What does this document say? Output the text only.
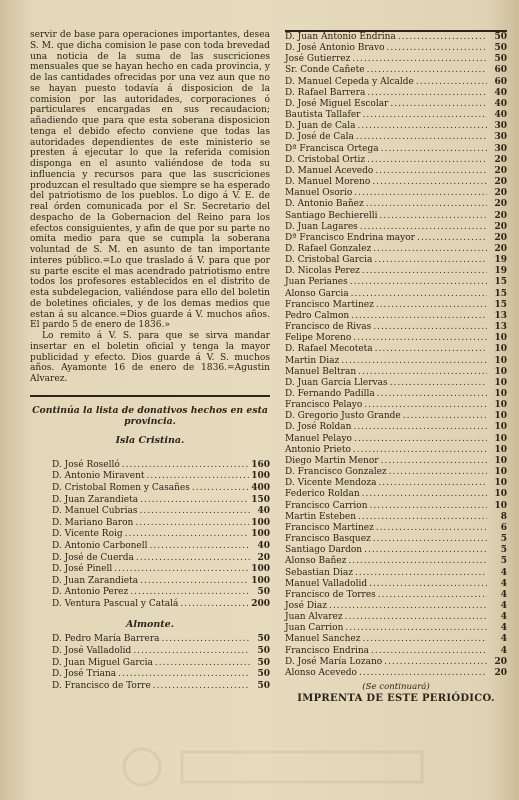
servir de base para operaciones importantes, desea S. M. que dicha comision le pase con toda brevedad una noticia de la suma de las suscriciones mensuales que se hayan hecho en cada provincia, y de las cantidades ofrecidas por una vez aun que no se hayan puesto todavía á disposicion de la comision por las autoridades, corporaciones ó particulares encargadas en sus recaudacion; añadiendo que para que esta soberana disposicion tenga el debido efecto conviene que todas las autoridades dependientes de este ministerio se presten á ejecutar lo que la referida comision disponga en el asunto valiéndose de toda su influencia y recursos para que las suscriciones produzcan el resultado que siempre se ha esperado del patriotismo de los pueblos. Lo digo á V. E. de real órden comunicada por el Sr. Secretario del despacho de la Gobernacion del Reino para los efectos consiguientes, y afin de que por su parte no omita medio para que se cumpla la soberana voluntad de S. M. en asunto de tan importante interes público.=Lo que traslado á V. para que por su parte escite el mas acendrado patriotismo entre todos los profesores establecidos en el distrito de esta subdelegacion, valiéndose para ello del boletin de boletines oficiales, y de los demas medios que estan á su alcance.=Dios guarde á V. muchos años. El pardo 5 de enero de 1836.»

Lo remito á V. S. para que se sirva mandar insertar en el boletin oficial y tenga la mayor publicidad y efecto. Dios guarde á V. S. muchos años. Ayamonte 16 de enero de 1836.=Agustin Alvarez.

Continúa la lista de donativos hechos en esta provincia.
Isla Cristina.
D. José Roselló .....	160
D. Antonio Miravent .....	100
D. Cristobal Romen y Casañes .....	400
D. Juan Zarandieta .....	150
D. Manuel Cubrias .....	40
D. Mariano Baron .....	100
D. Vicente Roig .....	100
D. Antonio Carbonell .....	40
D. José de Cuerda .....	20
D. José Pinell .....	100
D. Juan Zarandieta .....	100
D. Antonio Perez .....	50
D. Ventura Pascual y Catalá .....	200
Almonte.
D. Pedro María Barrera .....	50
D. José Valladolid .....	50
D. Juan Miguel Garcia .....	50
D. José Triana .....	50
D. Francisco de Torre .....	50
D. Juan Antonio Endrina .....	50
D. José Antonio Bravo .....	50
José Gutierrez .....	50
Sr. Conde Cañete .....	60
D. Manuel Cepeda y Alcalde .....	60
D. Rafael Barrera .....	40
D. José Miguel Escolar .....	40
Bautista Tallafer .....	40
D. Juan de Cala .....	30
D. José de Cala .....	30
Dª Francisca Ortega .....	30
D. Cristobal Ortiz .....	20
D. Manuel Acevedo .....	20
D. Manuel Moreno .....	20
Manuel Osorio .....	20
D. Antonio Bañez .....	20
Santiago Bechierelli .....	20
D. Juan Lagares .....	20
Dª Francisco Endrina mayor .....	20
D. Rafael Gonzalez .....	20
D. Cristobal Garcia .....	19
D. Nicolas Perez .....	19
Juan Perianes .....	15
Alonso Garcia .....	15
Francisco Martinez .....	15
Pedro Calmon .....	13
Francisco de Rivas .....	13
Felipe Moreno .....	10
D. Rafael Mecoteta .....	10
Martin Diaz .....	10
Manuel Beltran .....	10
D. Juan Garcia Llervas .....	10
D. Fernando Padilla .....	10
Francisco Pelayo .....	10
D. Gregorio Justo Grande .....	10
D. José Roldan .....	10
Manuel Pelayo .....	10
Antonio Prieto .....	10
Diego Martin Menor .....	10
D. Francisco Gonzalez .....	10
D. Vicente Mendoza .....	10
Federico Roldan .....	10
Francisco Carrion .....	10
Martin Esteben .....	8
Francisco Martinez .....	6
Francisco Basquez .....	5
Santiago Dardon .....	5
Alonso Bañez .....	5
Sebastian Diaz .....	4
Manuel Valladolid .....	4
Francisco de Torres .....	4
José Diaz .....	4
Juan Alvarez .....	4
Juan Carrion .....	4
Manuel Sanchez .....	4
Francisco Endrina .....	4
D. José María Lozano .....	20
Alonso Acevedo .....	20
(Se continuará)
IMPRENTA DE ESTE PERIÓDICO.
